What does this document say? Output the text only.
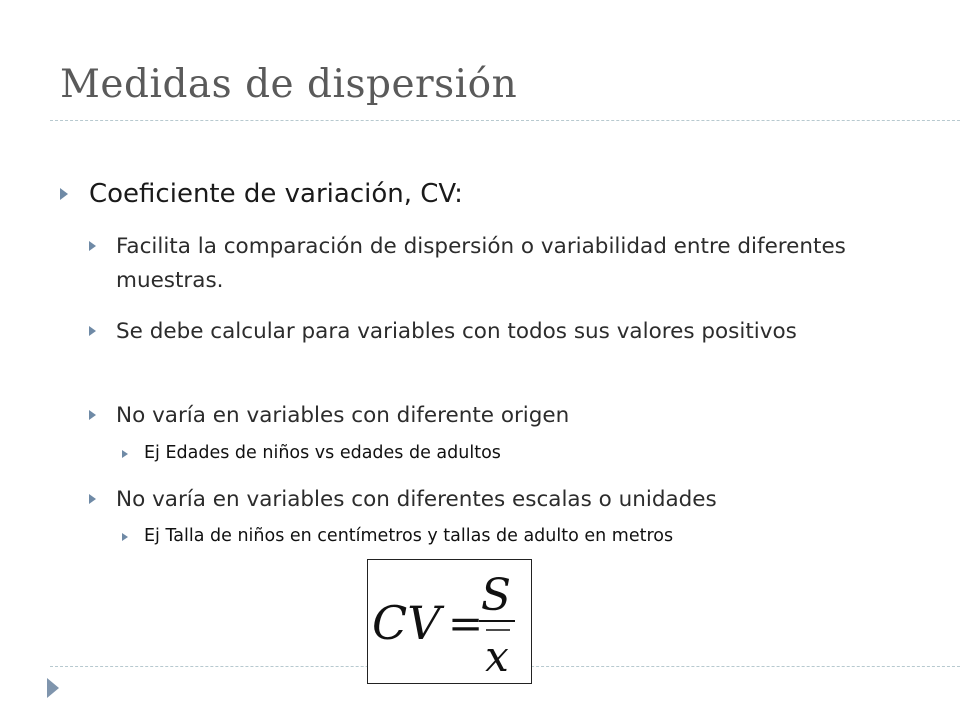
Medidas de dispersión
Coeficiente de variación, CV:
Facilita la comparación de dispersión o variabilidad entre diferentes muestras.
Se debe calcular para variables con todos sus valores positivos
No varía en variables con diferente origen
Ej Edades de niños vs edades de adultos
No varía en variables con diferentes escalas o unidades
Ej Talla de niños en centímetros y tallas de adulto en metros
CV =
S
x
